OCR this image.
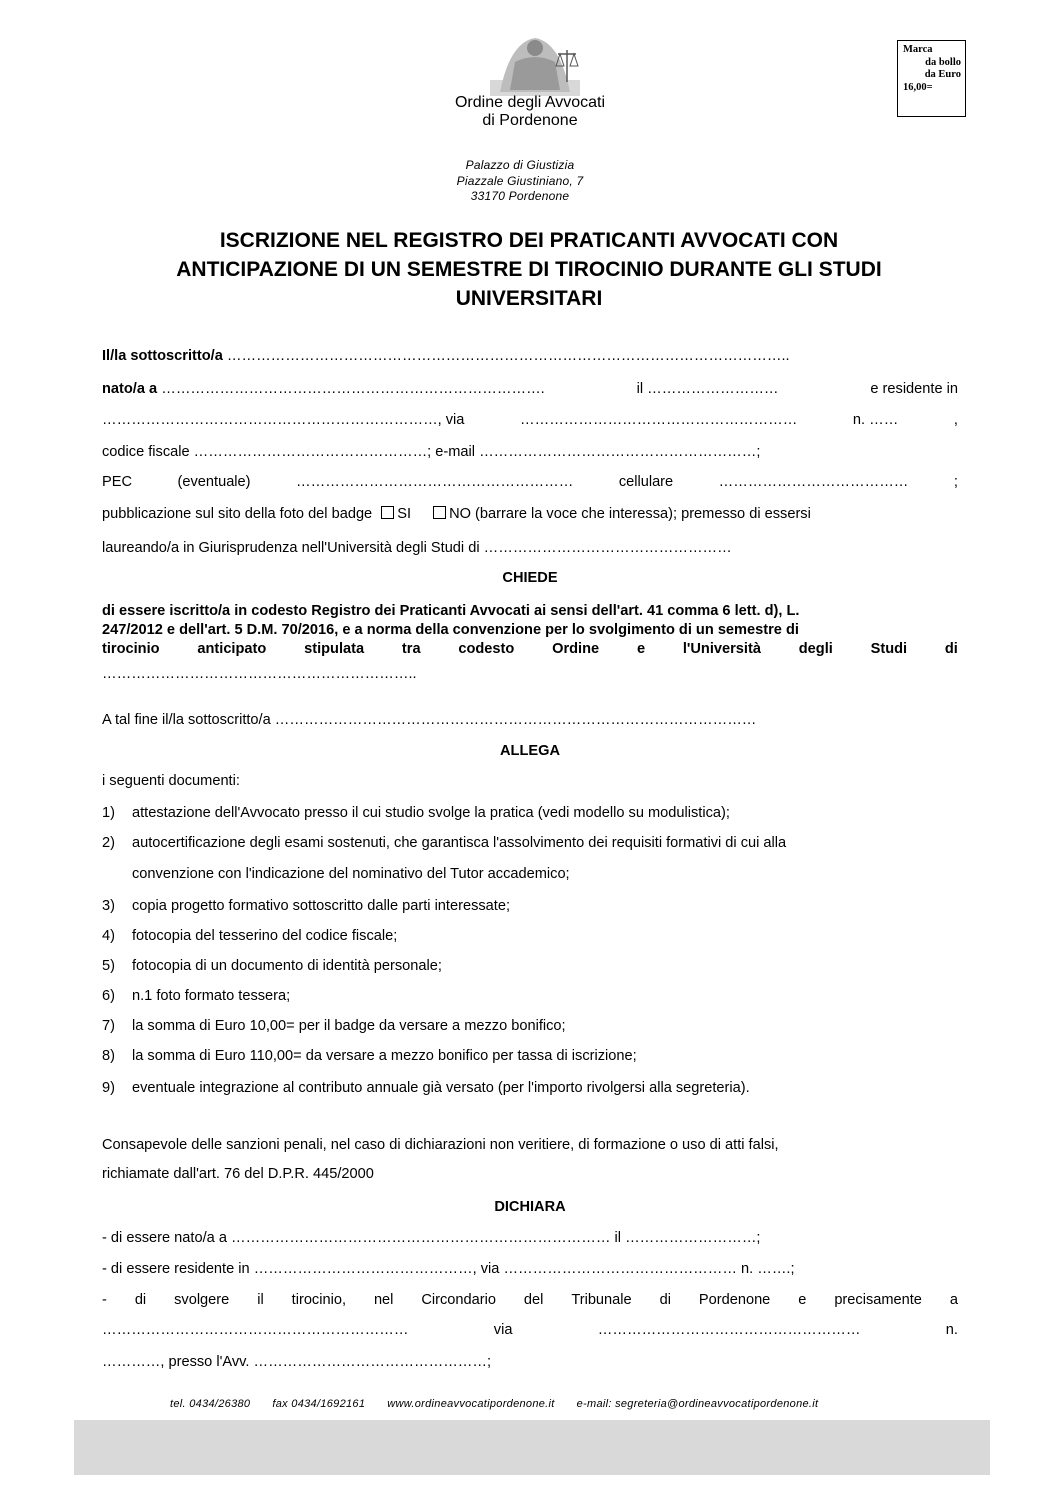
Ordine degli Avvocati
di Pordenone
Palazzo di Giustizia
Piazzale Giustiniano, 7
33170 Pordenone
Marca
da bollo
da Euro
16,00=
ISCRIZIONE NEL REGISTRO DEI PRATICANTI AVVOCATI CON
ANTICIPAZIONE DI UN SEMESTRE DI TIROCINIO DURANTE GLI STUDI
UNIVERSITARI
Il/la sottoscritto/a ……………………………………………………………………………………………………..
nato/a a …………………………………………………………………….	il ………………………	e residente in
……………………………………………………………, via	…………………………………………………	n. ……	,
codice fiscale …………………………………………; e-mail …………………………………………………;
PEC	(eventuale)	…………………………………………………	cellulare	…………………………………	;
pubblicazione sul sito della foto del badge SI	NO (barrare la voce che interessa); premesso di essersi
laureando/a in Giurisprudenza nell'Università degli Studi di ……………………………………………
CHIEDE
di essere iscritto/a in codesto Registro dei Praticanti Avvocati ai sensi dell'art. 41 comma 6 lett. d), L.
247/2012 e dell'art. 5 D.M. 70/2016, e a norma della convenzione per lo svolgimento di un semestre di
tirocinio	anticipato	stipulata	tra	codesto	Ordine	e	l'Università	degli	Studi	di
………………………………………………………..
A tal fine il/la sottoscritto/a ………………………………………………………………………………………
ALLEGA
i seguenti documenti:
1) attestazione dell'Avvocato presso il cui studio svolge la pratica (vedi modello su modulistica);
2) autocertificazione degli esami sostenuti, che garantisca l'assolvimento dei requisiti formativi di cui alla
convenzione con l'indicazione del nominativo del Tutor accademico;
3) copia progetto formativo sottoscritto dalle parti interessate;
4) fotocopia del tesserino del codice fiscale;
5) fotocopia di un documento di identità personale;
6) n.1 foto formato tessera;
7) la somma di Euro 10,00= per il badge da versare a mezzo bonifico;
8) la somma di Euro 110,00= da versare a mezzo bonifico per tassa di iscrizione;
9) eventuale integrazione al contributo annuale già versato (per l'importo rivolgersi alla segreteria).
Consapevole delle sanzioni penali, nel caso di dichiarazioni non veritiere, di formazione o uso di atti falsi,
richiamate dall'art. 76 del D.P.R. 445/2000
DICHIARA
- di essere nato/a a …………………………………………………………………… il ………………………;
- di essere residente in ………………………………………, via ………………………………………… n. …….;
- di svolgere il tirocinio, nel Circondario del Tribunale di Pordenone e precisamente a
………………………………………………………	via	………………………………………………	n.
…………, presso l'Avv. …………………………………………;
tel. 0434/26380 fax 0434/1692161 www.ordineavvocatipordenone.it e-mail: segreteria@ordineavvocatipordenone.it
